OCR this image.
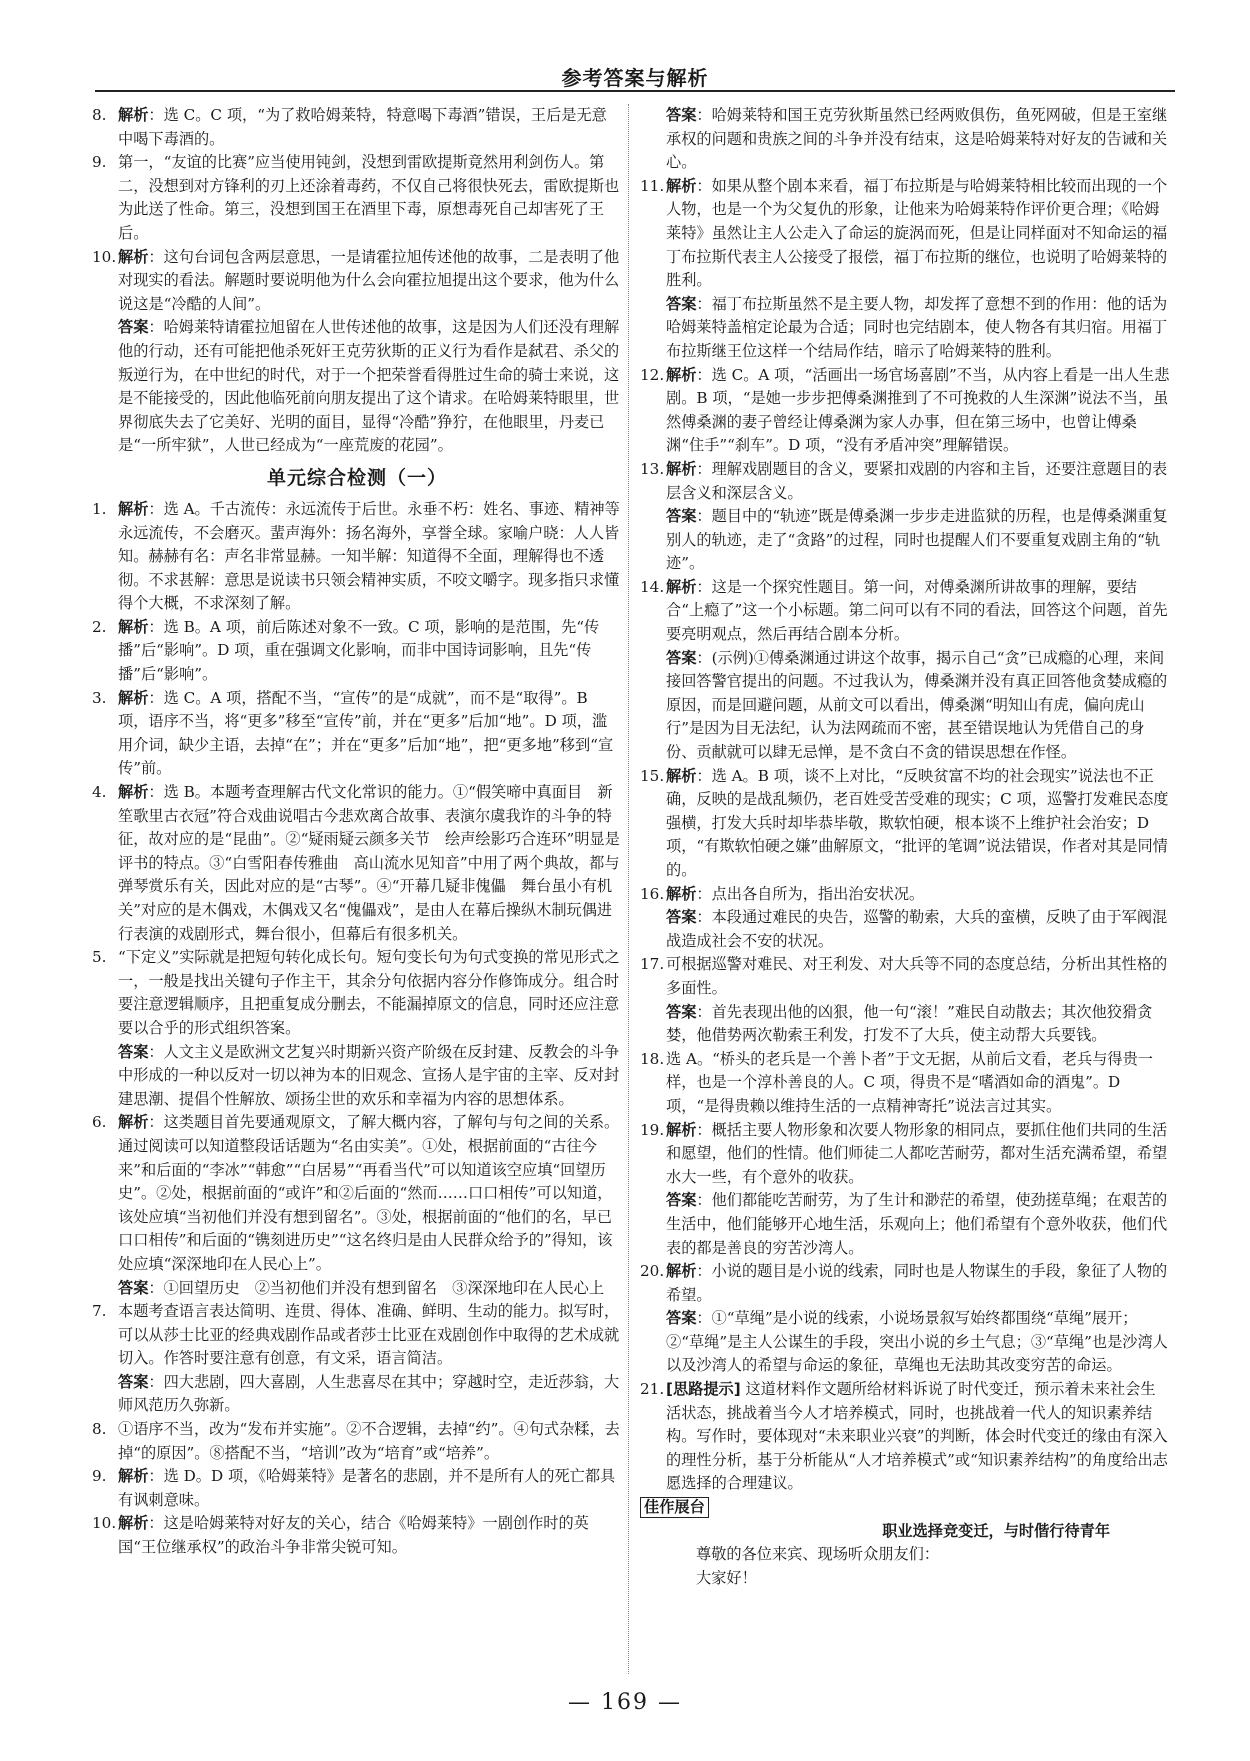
参考答案与解析

8. 解析：选 C。C 项，“为了救哈姆莱特，特意喝下毒酒”错误，王后是无意中喝下毒酒的。

9. 第一，“友谊的比赛”应当使用钝剑，没想到雷欧提斯竟然用利剑伤人。第二，没想到对方锋利的刃上还涂着毒药，不仅自己将很快死去，雷欧提斯也为此送了性命。第三，没想到国王在酒里下毒，原想毒死自己却害死了王后。

10. 解析：这句台词包含两层意思，一是请霍拉旭传述他的故事，二是表明了他对现实的看法。解题时要说明他为什么会向霍拉旭提出这个要求，他为什么说这是“冷酷的人间”。

答案：哈姆莱特请霍拉旭留在人世传述他的故事，这是因为人们还没有理解他的行动，还有可能把他杀死奸王克劳狄斯的正义行为看作是弑君、杀父的叛逆行为，在中世纪的时代，对于一个把荣誉看得胜过生命的骑士来说，这是不能接受的，因此他临死前向朋友提出了这个请求。在哈姆莱特眼里，世界彻底失去了它美好、光明的面目，显得“冷酷”狰狞，在他眼里，丹麦已是“一所牢狱”，人世已经成为“一座荒废的花园”。

单元综合检测（一）

1. 解析：选 A。千古流传：永远流传于后世。永垂不朽：姓名、事迹、精神等永远流传，不会磨灭。蜚声海外：扬名海外，享誉全球。家喻户晓：人人皆知。赫赫有名：声名非常显赫。一知半解：知道得不全面，理解得也不透彻。不求甚解：意思是说读书只领会精神实质，不咬文嚼字。现多指只求懂得个大概，不求深刻了解。

2. 解析：选 B。A 项，前后陈述对象不一致。C 项，影响的是范围，先“传播”后“影响”。D 项，重在强调文化影响，而非中国诗词影响，且先“传播”后“影响”。

3. 解析：选 C。A 项，搭配不当，“宣传”的是“成就”，而不是“取得”。B 项，语序不当，将“更多”移至“宣传”前，并在“更多”后加“地”。D 项，滥用介词，缺少主语，去掉“在”；并在“更多”后加“地”，把“更多地”移到“宣传”前。

4. 解析：选 B。本题考查理解古代文化常识的能力。①“假笑啼中真面目　新笙歌里古衣冠”符合戏曲说唱古今悲欢离合故事、表演尔虞我诈的斗争的特征，故对应的是“昆曲”。②“疑雨疑云颜多关节　绘声绘影巧合连环”明显是评书的特点。③“白雪阳春传雅曲　高山流水见知音”中用了两个典故，都与弹琴赏乐有关，因此对应的是“古琴”。④“开幕几疑非傀儡　舞台虽小有机关”对应的是木偶戏，木偶戏又名“傀儡戏”，是由人在幕后操纵木制玩偶进行表演的戏剧形式，舞台很小，但幕后有很多机关。

5. “下定义”实际就是把短句转化成长句。短句变长句为句式变换的常见形式之一，一般是找出关键句子作主干，其余分句依据内容分作修饰成分。组合时要注意逻辑顺序，且把重复成分删去，不能漏掉原文的信息，同时还应注意要以合乎的形式组织答案。

答案：人文主义是欧洲文艺复兴时期新兴资产阶级在反封建、反教会的斗争中形成的一种以反对一切以神为本的旧观念、宣扬人是宇宙的主宰、反对封建思潮、提倡个性解放、颂扬尘世的欢乐和幸福为内容的思想体系。

6. 解析：这类题目首先要通观原文，了解大概内容，了解句与句之间的关系。通过阅读可以知道整段话话题为“名由实美”。①处，根据前面的“古往今来”和后面的“李冰”“韩愈”“白居易”“再看当代”可以知道该空应填“回望历史”。②处，根据前面的“或许”和②后面的“然而……口口相传”可以知道，该处应填“当初他们并没有想到留名”。③处，根据前面的“他们的名，早已口口相传”和后面的“镌刻进历史”“这名终归是由人民群众给予的”得知，该处应填“深深地印在人民心上”。

答案：①回望历史　②当初他们并没有想到留名　③深深地印在人民心上

7. 本题考查语言表达简明、连贯、得体、准确、鲜明、生动的能力。拟写时，可以从莎士比亚的经典戏剧作品或者莎士比亚在戏剧创作中取得的艺术成就切入。作答时要注意有创意，有文采，语言简洁。

答案：四大悲剧，四大喜剧，人生悲喜尽在其中；穿越时空，走近莎翁，大师风范历久弥新。

8. ①语序不当，改为“发布并实施”。②不合逻辑，去掉“约”。④句式杂糅，去掉“的原因”。⑧搭配不当，“培训”改为“培育”或“培养”。

9. 解析：选 D。D 项，《哈姆莱特》是著名的悲剧，并不是所有人的死亡都具有讽刺意味。

10. 解析：这是哈姆莱特对好友的关心，结合《哈姆莱特》一剧创作时的英国“王位继承权”的政治斗争非常尖锐可知。

答案：哈姆莱特和国王克劳狄斯虽然已经两败俱伤，鱼死网破，但是王室继承权的问题和贵族之间的斗争并没有结束，这是哈姆莱特对好友的告诫和关心。

11. 解析：如果从整个剧本来看，福丁布拉斯是与哈姆莱特相比较而出现的一个人物，也是一个为父复仇的形象，让他来为哈姆莱特作评价更合理；《哈姆莱特》虽然让主人公走入了命运的旋涡而死，但是让同样面对不知命运的福丁布拉斯代表主人公接受了报偿，福丁布拉斯的继位，也说明了哈姆莱特的胜利。

答案：福丁布拉斯虽然不是主要人物，却发挥了意想不到的作用：他的话为哈姆莱特盖棺定论最为合适；同时也完结剧本，使人物各有其归宿。用福丁布拉斯继王位这样一个结局作结，暗示了哈姆莱特的胜利。

12. 解析：选 C。A 项，“活画出一场官场喜剧”不当，从内容上看是一出人生悲剧。B 项，“是她一步步把傅桑渊推到了不可挽救的人生深渊”说法不当，虽然傅桑渊的妻子曾经让傅桑渊为家人办事，但在第三场中，也曾让傅桑渊“住手”“刹车”。D 项，“没有矛盾冲突”理解错误。

13. 解析：理解戏剧题目的含义，要紧扣戏剧的内容和主旨，还要注意题目的表层含义和深层含义。

答案：题目中的“轨迹”既是傅桑渊一步步走进监狱的历程，也是傅桑渊重复别人的轨迹，走了“贪路”的过程，同时也提醒人们不要重复戏剧主角的“轨迹”。

14. 解析：这是一个探究性题目。第一问，对傅桑渊所讲故事的理解，要结合“上瘾了”这一个小标题。第二问可以有不同的看法，回答这个问题，首先要亮明观点，然后再结合剧本分析。

答案：(示例)①傅桑渊通过讲这个故事，揭示自己“贪”已成瘾的心理，来间接回答警官提出的问题。不过我认为，傅桑渊并没有真正回答他贪婪成瘾的原因，而是回避问题，从前文可以看出，傅桑渊“明知山有虎，偏向虎山行”是因为目无法纪，认为法网疏而不密，甚至错误地认为凭借自己的身份、贡献就可以肆无忌惮，是不贪白不贪的错误思想在作怪。

15. 解析：选 A。B 项，谈不上对比，“反映贫富不均的社会现实”说法也不正确，反映的是战乱频仍，老百姓受苦受难的现实；C 项，巡警打发难民态度强横，打发大兵时却毕恭毕敬，欺软怕硬，根本谈不上维护社会治安；D 项，“有欺软怕硬之嫌”曲解原文，“批评的笔调”说法错误，作者对其是同情的。

16. 解析：点出各自所为，指出治安状况。

答案：本段通过难民的央告，巡警的勒索，大兵的蛮横，反映了由于军阀混战造成社会不安的状况。

17. 可根据巡警对难民、对王利发、对大兵等不同的态度总结，分析出其性格的多面性。

答案：首先表现出他的凶狠，他一句“滚！”难民自动散去；其次他狡猾贪婪，他借势两次勒索王利发，打发不了大兵，使主动帮大兵要钱。

18. 选 A。“桥头的老兵是一个善卜者”于文无据，从前后文看，老兵与得贵一样，也是一个淳朴善良的人。C 项，得贵不是“嗜酒如命的酒鬼”。D 项，“是得贵赖以维持生活的一点精神寄托”说法言过其实。

19. 解析：概括主要人物形象和次要人物形象的相同点，要抓住他们共同的生活和愿望，他们的性情。他们师徒二人都吃苦耐劳，都对生活充满希望，希望水大一些，有个意外的收获。

答案：他们都能吃苦耐劳，为了生计和渺茫的希望，使劲搓草绳；在艰苦的生活中，他们能够开心地生活，乐观向上；他们希望有个意外收获，他们代表的都是善良的穷苦沙湾人。

20. 解析：小说的题目是小说的线索，同时也是人物谋生的手段，象征了人物的希望。

答案：①“草绳”是小说的线索，小说场景叙写始终都围绕“草绳”展开；②“草绳”是主人公谋生的手段，突出小说的乡土气息；③“草绳”也是沙湾人以及沙湾人的希望与命运的象征，草绳也无法助其改变穷苦的命运。

21. [思路提示] 这道材料作文题所给材料诉说了时代变迁，预示着未来社会生活状态，挑战着当今人才培养模式，同时，也挑战着一代人的知识素养结构。写作时，要体现对“未来职业兴衰”的判断，体会时代变迁的缘由有深入的理性分析，基于分析能从“人才培养模式”或“知识素养结构”的角度给出志愿选择的合理建议。

佳作展台
职业选择竞变迁，与时偕行待青年
尊敬的各位来宾、现场听众朋友们：
大家好！
— 169 —
